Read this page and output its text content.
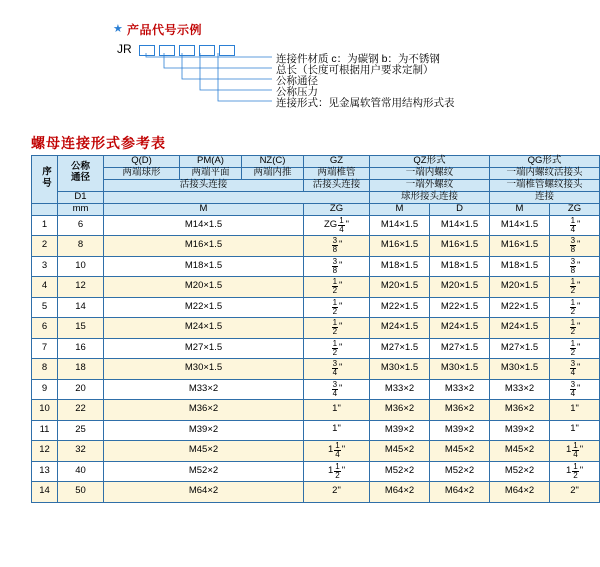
★ 产品代号示例
JR
连接件材质 c：为碳钢 b：为不锈钢
总长（长度可根据用户要求定制）
公称通径
公称压力
连接形式：见金属软管常用结构形式表
螺母连接形式参考表
序号	公称通径	Q(D)	PM(A)	NZ(C)	GZ	QZ形式		QG形式	
		两端球形	两端平面	两端内推	两端椎管	一端内螺纹		一端内螺纹活接头	
		活接头连接			活接头连接	一端外螺纹		一端椎管螺纹接头	
	D1					球形接头连接		连接	
	mm	M			ZG	M	D	M	ZG
1	6	M14×1.5			ZG $\frac{1}{4}$ "	M14×1.5	M14×1.5	M14×1.5	$\frac{1}{4}$ "
2	8	M16×1.5			$\frac{3}{8}$ "	M16×1.5	M16×1.5	M16×1.5	$\frac{3}{8}$ "
3	10	M18×1.5			$\frac{3}{8}$ "	M18×1.5	M18×1.5	M18×1.5	$\frac{3}{8}$ "
4	12	M20×1.5			$\frac{1}{2}$ "	M20×1.5	M20×1.5	M20×1.5	$\frac{1}{2}$ "
5	14	M22×1.5			$\frac{1}{2}$ "	M22×1.5	M22×1.5	M22×1.5	$\frac{1}{2}$ "
6	15	M24×1.5			$\frac{1}{2}$ "	M24×1.5	M24×1.5	M24×1.5	$\frac{1}{2}$ "
7	16	M27×1.5			$\frac{1}{2}$ "	M27×1.5	M27×1.5	M27×1.5	$\frac{1}{2}$ "
8	18	M30×1.5			$\frac{3}{4}$ "	M30×1.5	M30×1.5	M30×1.5	$\frac{3}{4}$ "
9	20	M33×2			$\frac{3}{4}$ "	M33×2	M33×2	M33×2	$\frac{3}{4}$ "
10	22	M36×2			1"	M36×2	M36×2	M36×2	1"
11	25	M39×2			1"	M39×2	M39×2	M39×2	1"
12	32	M45×2			$1 \frac{1}{4}$ "	M45×2	M45×2	M45×2	$1 \frac{1}{4}$ "
13	40	M52×2			$1 \frac{1}{2}$ "	M52×2	M52×2	M52×2	$1 \frac{1}{2}$ "
14	50	M64×2			2"	M64×2	M64×2	M64×2	2"
